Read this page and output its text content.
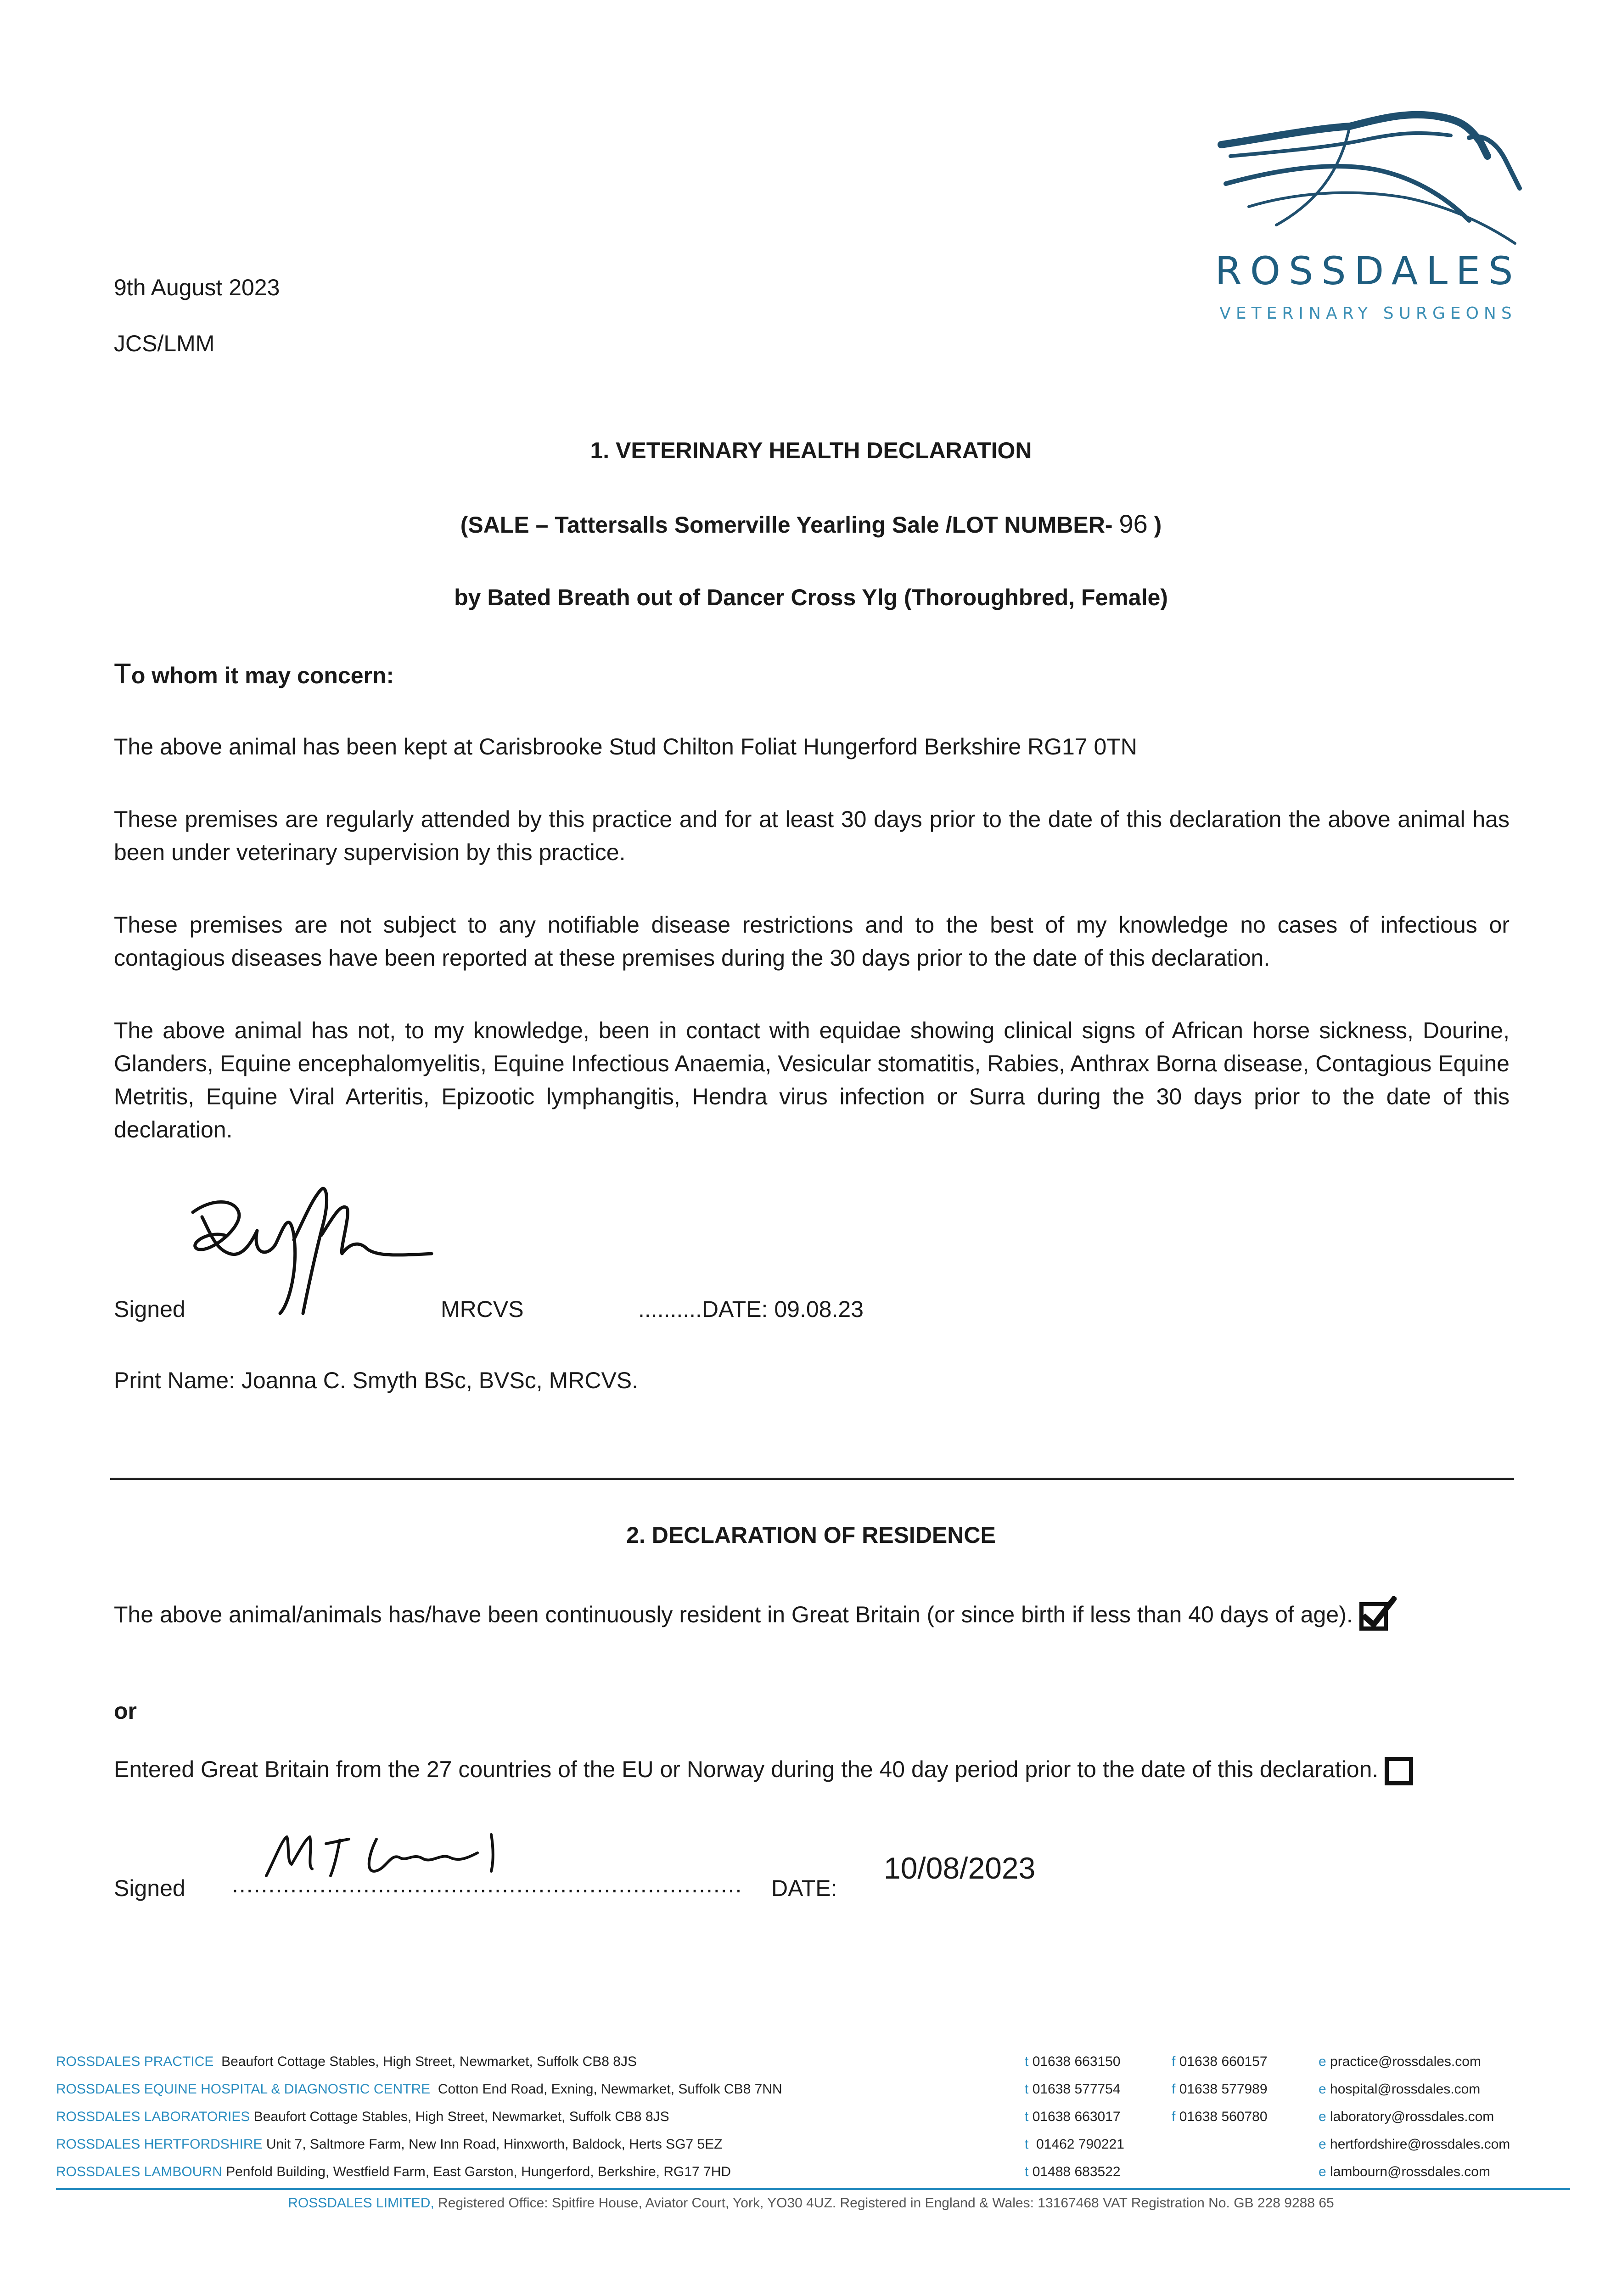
ROSSDALES
VETERINARY SURGEONS
9th August 2023
JCS/LMM
1. VETERINARY HEALTH DECLARATION
(SALE – Tattersalls Somerville Yearling Sale /LOT NUMBER- 96 )
by Bated Breath out of Dancer Cross Ylg (Thoroughbred, Female)
To whom it may concern:
The above animal has been kept at Carisbrooke Stud Chilton Foliat Hungerford Berkshire RG17 0TN
These premises are regularly attended by this practice and for at least 30 days prior to the date of this declaration the above animal has been under veterinary supervision by this practice.
These premises are not subject to any notifiable disease restrictions and to the best of my knowledge no cases of infectious or contagious diseases have been reported at these premises during the 30 days prior to the date of this declaration.
The above animal has not, to my knowledge, been in contact with equidae showing clinical signs of African horse sickness, Dourine, Glanders, Equine encephalomyelitis, Equine Infectious Anaemia, Vesicular stomatitis, Rabies, Anthrax Borna disease, Contagious Equine Metritis, Equine Viral Arteritis, Epizootic lymphangitis, Hendra virus infection or Surra during the 30 days prior to the date of this declaration.
Signed	MRCVS	..........DATE: 09.08.23
Print Name: Joanna C. Smyth BSc, BVSc, MRCVS.
2. DECLARATION OF RESIDENCE
The above animal/animals has/have been continuously resident in Great Britain (or since birth if less than 40 days of age).
or
Entered Great Britain from the 27 countries of the EU or Norway during the 40 day period prior to the date of this declaration.
Signed ...................................................................... DATE:
10/08/2023
ROSSDALES PRACTICE Beaufort Cottage Stables, High Street, Newmarket, Suffolk CB8 8JS	t 01638 663150	f 01638 660157	e practice@rossdales.com
ROSSDALES EQUINE HOSPITAL & DIAGNOSTIC CENTRE Cotton End Road, Exning, Newmarket, Suffolk CB8 7NN	t 01638 577754	f 01638 577989	e hospital@rossdales.com
ROSSDALES LABORATORIES Beaufort Cottage Stables, High Street, Newmarket, Suffolk CB8 8JS	t 01638 663017	f 01638 560780	e laboratory@rossdales.com
ROSSDALES HERTFORDSHIRE Unit 7, Saltmore Farm, New Inn Road, Hinxworth, Baldock, Herts SG7 5EZ	t 01462 790221	e hertfordshire@rossdales.com
ROSSDALES LAMBOURN Penfold Building, Westfield Farm, East Garston, Hungerford, Berkshire, RG17 7HD	t 01488 683522	e lambourn@rossdales.com
ROSSDALES LIMITED, Registered Office: Spitfire House, Aviator Court, York, YO30 4UZ. Registered in England & Wales: 13167468 VAT Registration No. GB 228 9288 65
